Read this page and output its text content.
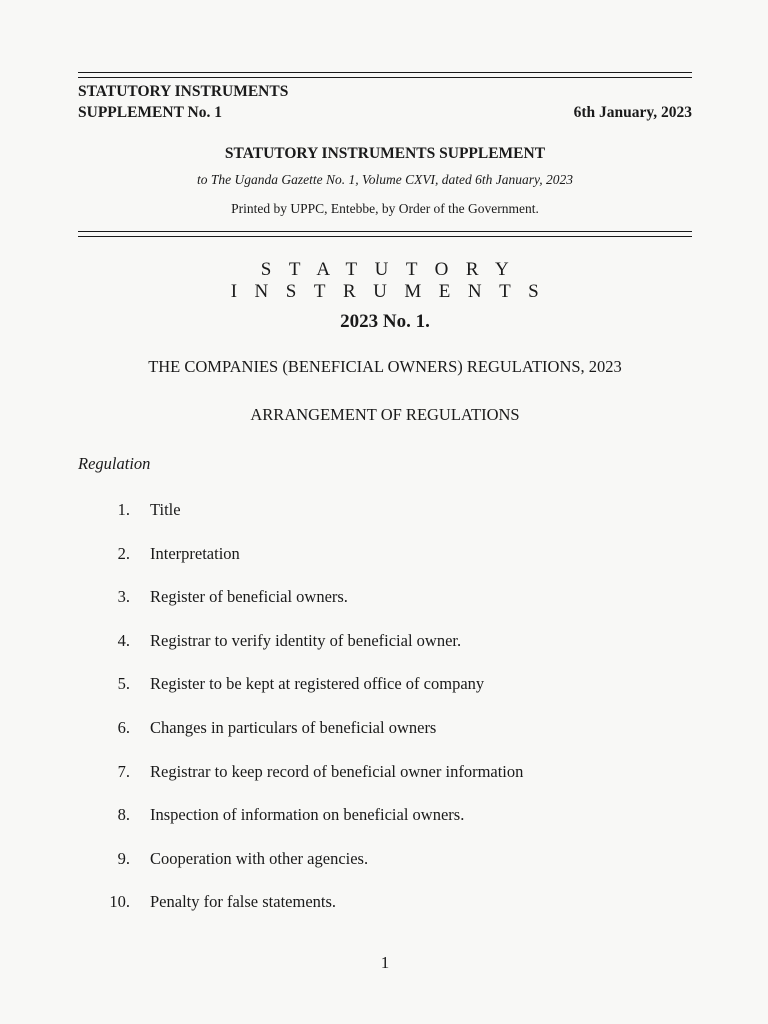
STATUTORY INSTRUMENTS
SUPPLEMENT No. 1	6th January, 2023
STATUTORY INSTRUMENTS SUPPLEMENT
to The Uganda Gazette No. 1, Volume CXVI, dated 6th January, 2023
Printed by UPPC, Entebbe, by Order of the Government.
STATUTORY INSTRUMENTS
2023 No. 1.
THE COMPANIES (BENEFICIAL OWNERS) REGULATIONS, 2023
ARRANGEMENT OF REGULATIONS
Regulation
1. Title
2. Interpretation
3. Register of beneficial owners.
4. Registrar to verify identity of beneficial owner.
5. Register to be kept at registered office of company
6. Changes in particulars of beneficial owners
7. Registrar to keep record of beneficial owner information
8. Inspection of information on beneficial owners.
9. Cooperation with other agencies.
10. Penalty for false statements.
1
